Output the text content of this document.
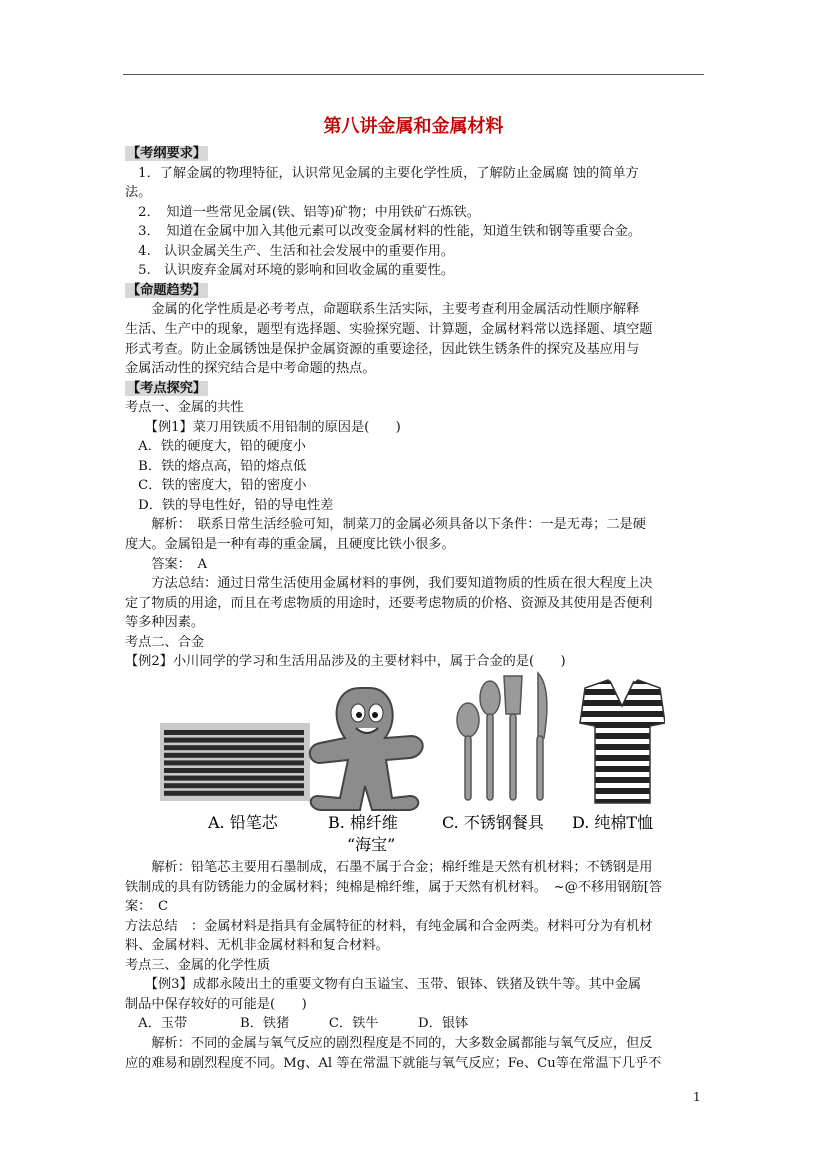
第八讲金属和金属材料
【考纲要求】
　1．了解金属的物理特征，认识常见金属的主要化学性质，了解防止金属腐 蚀的简单方
法。
　2．　知道一些常见金属(铁、铝等)矿物；中用铁矿石炼铁。
　3．　知道在金属中加入其他元素可以改变金属材料的性能，知道生铁和钢等重要合金。
　4.　认识金属关生产、生活和社会发展中的重要作用。
　5.　认识废弃金属对环境的影响和回收金属的重要性。
【命题趋势】
　　金属的化学性质是必考考点，命题联系生活实际，主要考查利用金属活动性顺序解释
生活、生产中的现象，题型有选择题、实验探究题、计算题，金属材料常以选择题、填空题
形式考查。防止金属锈蚀是保护金属资源的重要途径，因此铁生锈条件的探究及基应用与
金属活动性的探究结合是中考命题的热点。
【考点探究】
考点一、金属的共性
　　【例1】菜刀用铁质不用铅制的原因是(　　)
　A．铁的硬度大，铅的硬度小
　B．铁的熔点高，铅的熔点低
　C．铁的密度大，铅的密度小
　D．铁的导电性好，铅的导电性差
　　解析：　联系日常生活经验可知，制菜刀的金属必须具备以下条件：一是无毒；二是硬
度大。金属铅是一种有毒的重金属，且硬度比铁小很多。
　　答案：　A
　　方法总结：通过日常生活使用金属材料的事例，我们要知道物质的性质在很大程度上决
定了物质的用途，而且在考虑物质的用途时，还要考虑物质的价格、资源及其使用是否便利
等多种因素。
考点二、合金
【例2】小川同学的学习和生活用品涉及的主要材料中，属于合金的是(　　)
　　解析：铅笔芯主要用石墨制成，石墨不属于合金；棉纤维是天然有机材料；不锈钢是用
铁制成的具有防锈能力的金属材料；纯棉是棉纤维，属于天然有机材料。　~@不移用钢筋[答
案：　C
方法总结　：金属材料是指具有金属特征的材料，有纯金属和合金两类。材料可分为有机材
料、金属材料、无机非金属材料和复合材料。
考点三、金属的化学性质
　　【例3】成都永陵出土的重要文物有白玉谥宝、玉带、银钵、铁猪及铁牛等。其中金属
制品中保存较好的可能是(　　)
　A．玉带　　　　B．铁猪　　　C．铁牛　　　D．银钵
　　解析：不同的金属与氧气反应的剧烈程度是不同的，大多数金属都能与氧气反应，但反
应的难易和剧烈程度不同。Mg、Al 等在常温下就能与氧气反应；Fe、Cu等在常温下几乎不
A. 铅笔芯	B. 棉纤维
“海宝”
C. 不锈钢餐具 D. 纯棉T恤
1
